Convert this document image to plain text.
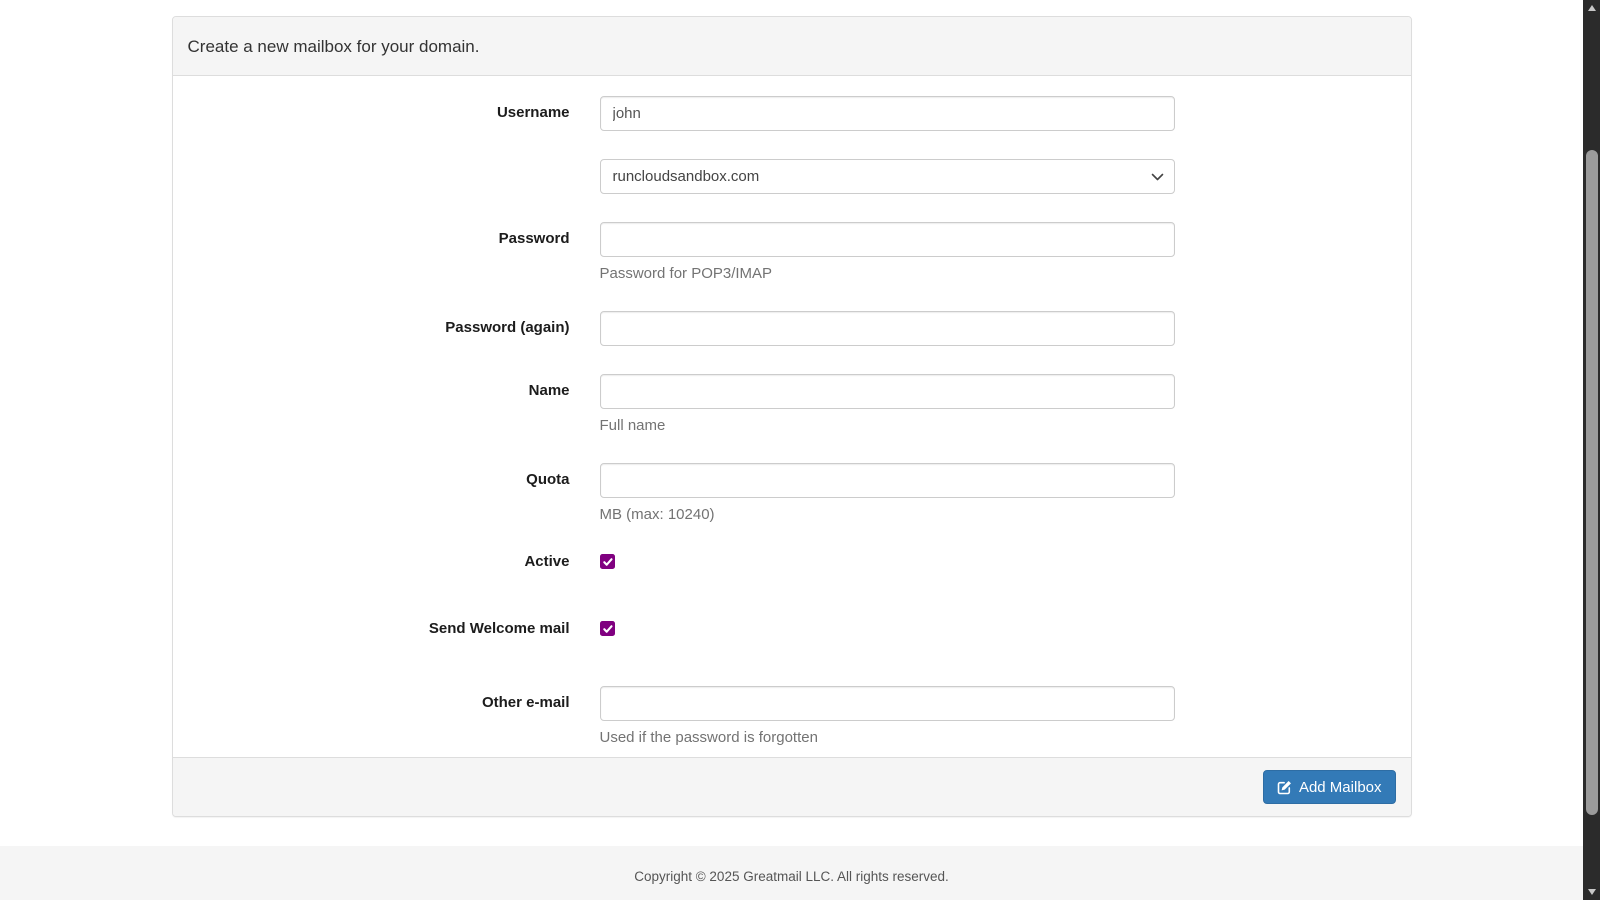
Create a new mailbox for your domain.
Username
john
runcloudsandbox.com
Password
Password for POP3/IMAP
Password (again)
Name
Full name
Quota
MB (max: 10240)
Active
Send Welcome mail
Other e-mail
Used if the password is forgotten
Add Mailbox
Copyright © 2025 Greatmail LLC. All rights reserved.
